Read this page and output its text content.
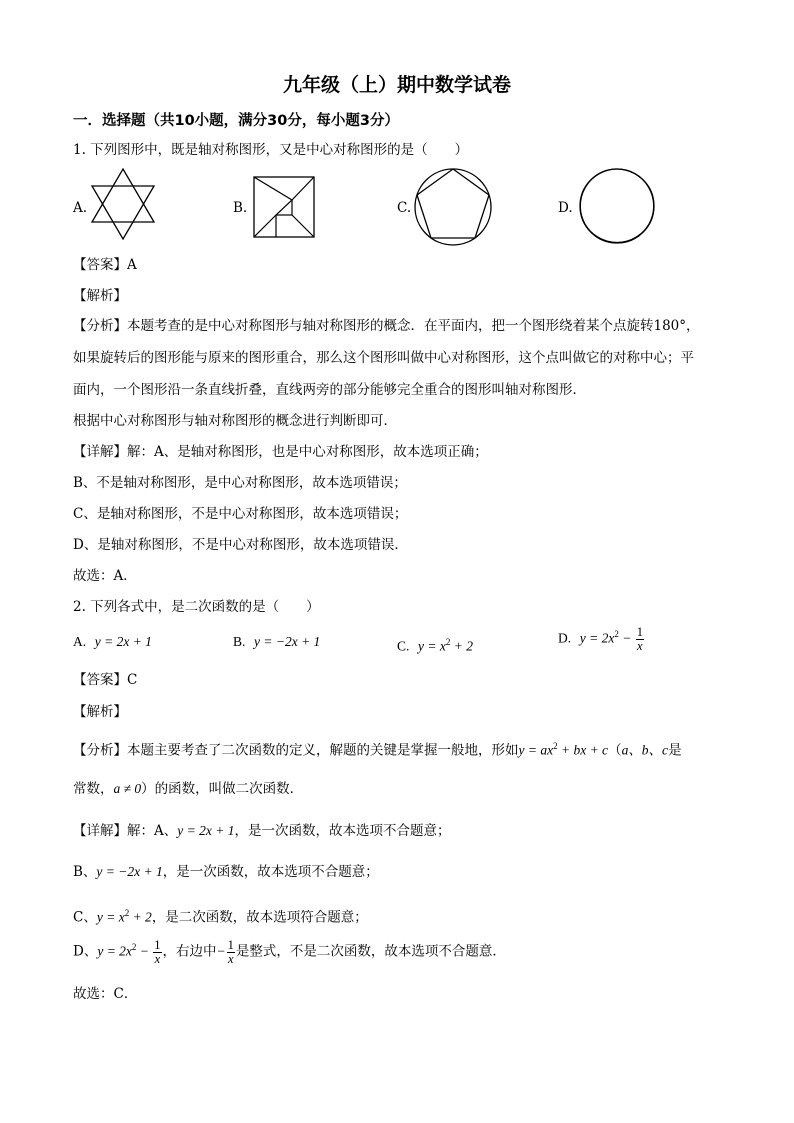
九年级（上）期中数学试卷
一．选择题（共10小题，满分30分，每小题3分）
1. 下列图形中，既是轴对称图形，又是中心对称图形的是（　　）
A.	B.	C.	D.
【答案】A
【解析】
【分析】本题考查的是中心对称图形与轴对称图形的概念．在平面内，把一个图形绕着某个点旋转180°，
如果旋转后的图形能与原来的图形重合，那么这个图形叫做中心对称图形，这个点叫做它的对称中心；平
面内，一个图形沿一条直线折叠，直线两旁的部分能够完全重合的图形叫轴对称图形．
根据中心对称图形与轴对称图形的概念进行判断即可．
【详解】解：A、是轴对称图形，也是中心对称图形，故本选项正确；
B、不是轴对称图形，是中心对称图形，故本选项错误；
C、是轴对称图形，不是中心对称图形，故本选项错误；
D、是轴对称图形，不是中心对称图形，故本选项错误．
故选：A．
2. 下列各式中，是二次函数的是（　　）
A. y = 2x + 1	B. y = −2x + 1	C. $y = x^2 + 2$
D. $y = 2x^2 - \frac{1}{x}$
【答案】C
【解析】
【分析】本题主要考查了二次函数的定义，解题的关键是掌握一般地，形如$y = ax^2$ + bx + c（a、b、c是
常数，a ≠ 0）的函数，叫做二次函数．
【详解】解：A、y = 2x + 1，是一次函数，故本选项不合题意；
B、y = −2x + 1，是一次函数，故本选项不合题意；
C、$y = x^2 + 2$，是二次函数，故本选项符合题意；
D、$y = 2x^2 - \frac{1}{x}$ ，右边中− $\frac{1}{x}$ 是整式，不是二次函数，故本选项不合题意．
故选：C．
